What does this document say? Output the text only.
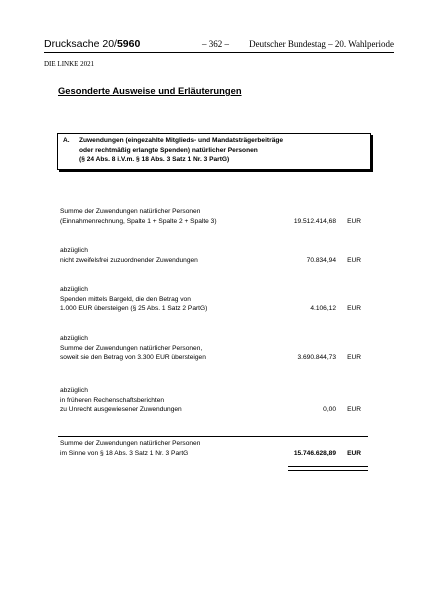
Drucksache 20/5960	– 362 – Deutscher Bundestag – 20. Wahlperiode
DIE LINKE 2021
Gesonderte Ausweise und Erläuterungen
A. Zuwendungen (eingezahlte Mitglieds- und Mandatsträgerbeiträge
oder rechtmäßig erlangte Spenden) natürlicher Personen
(§ 24 Abs. 8 i.V.m. § 18 Abs. 3 Satz 1 Nr. 3 PartG)
Summe der Zuwendungen natürlicher Personen
(Einnahmenrechnung, Spalte 1 + Spalte 2 + Spalte 3)	19.512.414,68 EUR
abzüglich
nicht zweifelsfrei zuzuordnender Zuwendungen	70.834,94 EUR
abzüglich
Spenden mittels Bargeld, die den Betrag von
1.000 EUR übersteigen (§ 25 Abs. 1 Satz 2 PartG)	4.106,12 EUR
abzüglich
Summe der Zuwendungen natürlicher Personen,
soweit sie den Betrag von 3.300 EUR übersteigen	3.690.844,73 EUR
abzüglich
in früheren Rechenschaftsberichten
zu Unrecht ausgewiesener Zuwendungen	0,00 EUR
Summe der Zuwendungen natürlicher Personen
im Sinne von § 18 Abs. 3 Satz 1 Nr. 3 PartG	15.746.628,89 EUR
